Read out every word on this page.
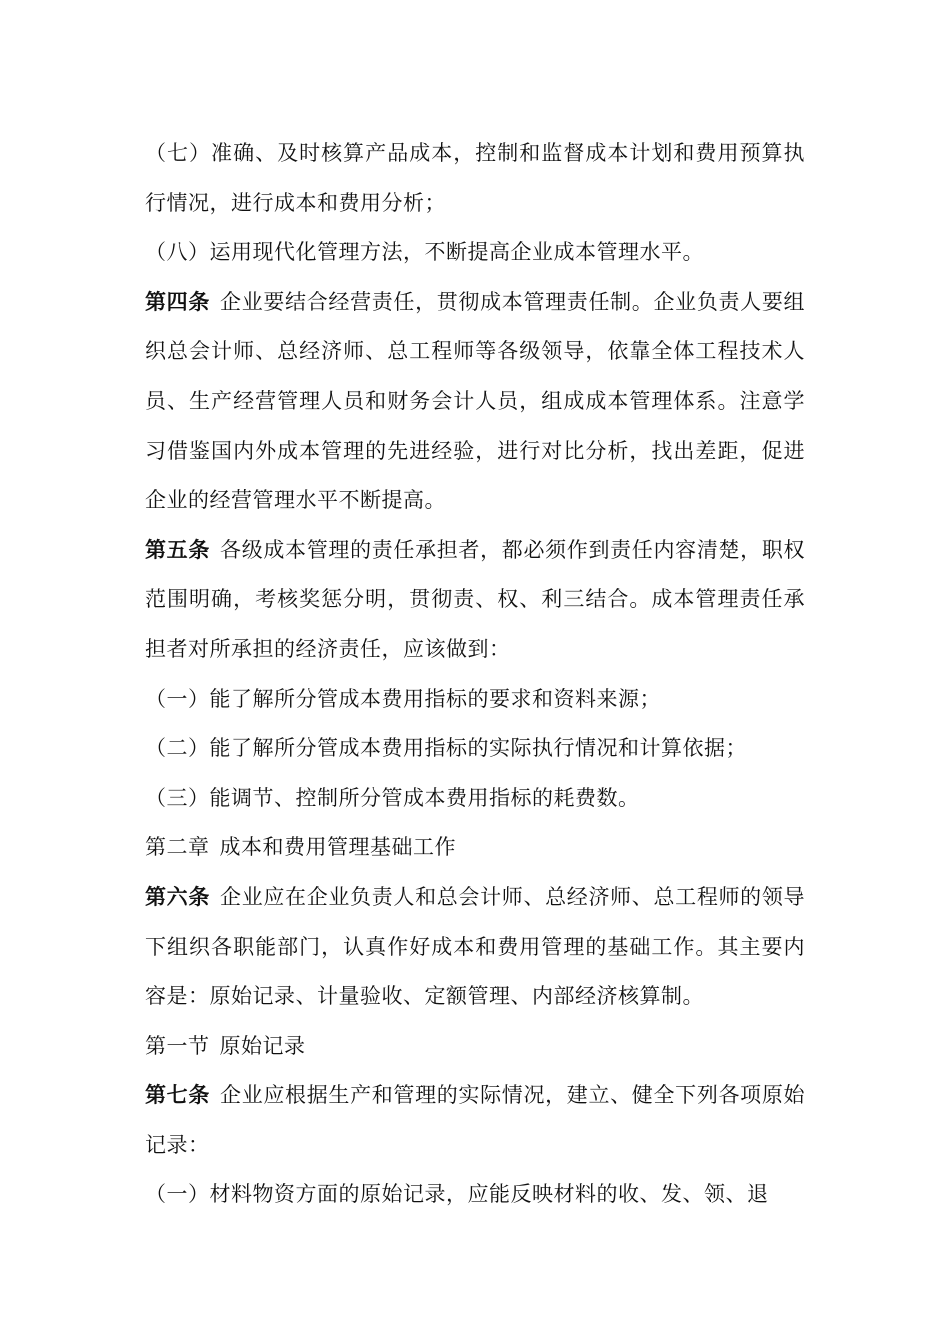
（七）准确、及时核算产品成本，控制和监督成本计划和费用预算执行情况，进行成本和费用分析；

（八）运用现代化管理方法，不断提高企业成本管理水平。

第四条 企业要结合经营责任，贯彻成本管理责任制。企业负责人要组织总会计师、总经济师、总工程师等各级领导，依靠全体工程技术人员、生产经营管理人员和财务会计人员，组成成本管理体系。注意学习借鉴国内外成本管理的先进经验，进行对比分析，找出差距，促进企业的经营管理水平不断提高。

第五条 各级成本管理的责任承担者，都必须作到责任内容清楚，职权范围明确，考核奖惩分明，贯彻责、权、利三结合。成本管理责任承担者对所承担的经济责任，应该做到：

（一）能了解所分管成本费用指标的要求和资料来源；

（二）能了解所分管成本费用指标的实际执行情况和计算依据；

（三）能调节、控制所分管成本费用指标的耗费数。

第二章 成本和费用管理基础工作

第六条 企业应在企业负责人和总会计师、总经济师、总工程师的领导下组织各职能部门，认真作好成本和费用管理的基础工作。其主要内容是：原始记录、计量验收、定额管理、内部经济核算制。

第一节 原始记录

第七条 企业应根据生产和管理的实际情况，建立、健全下列各项原始记录：

（一）材料物资方面的原始记录，应能反映材料的收、发、领、退
